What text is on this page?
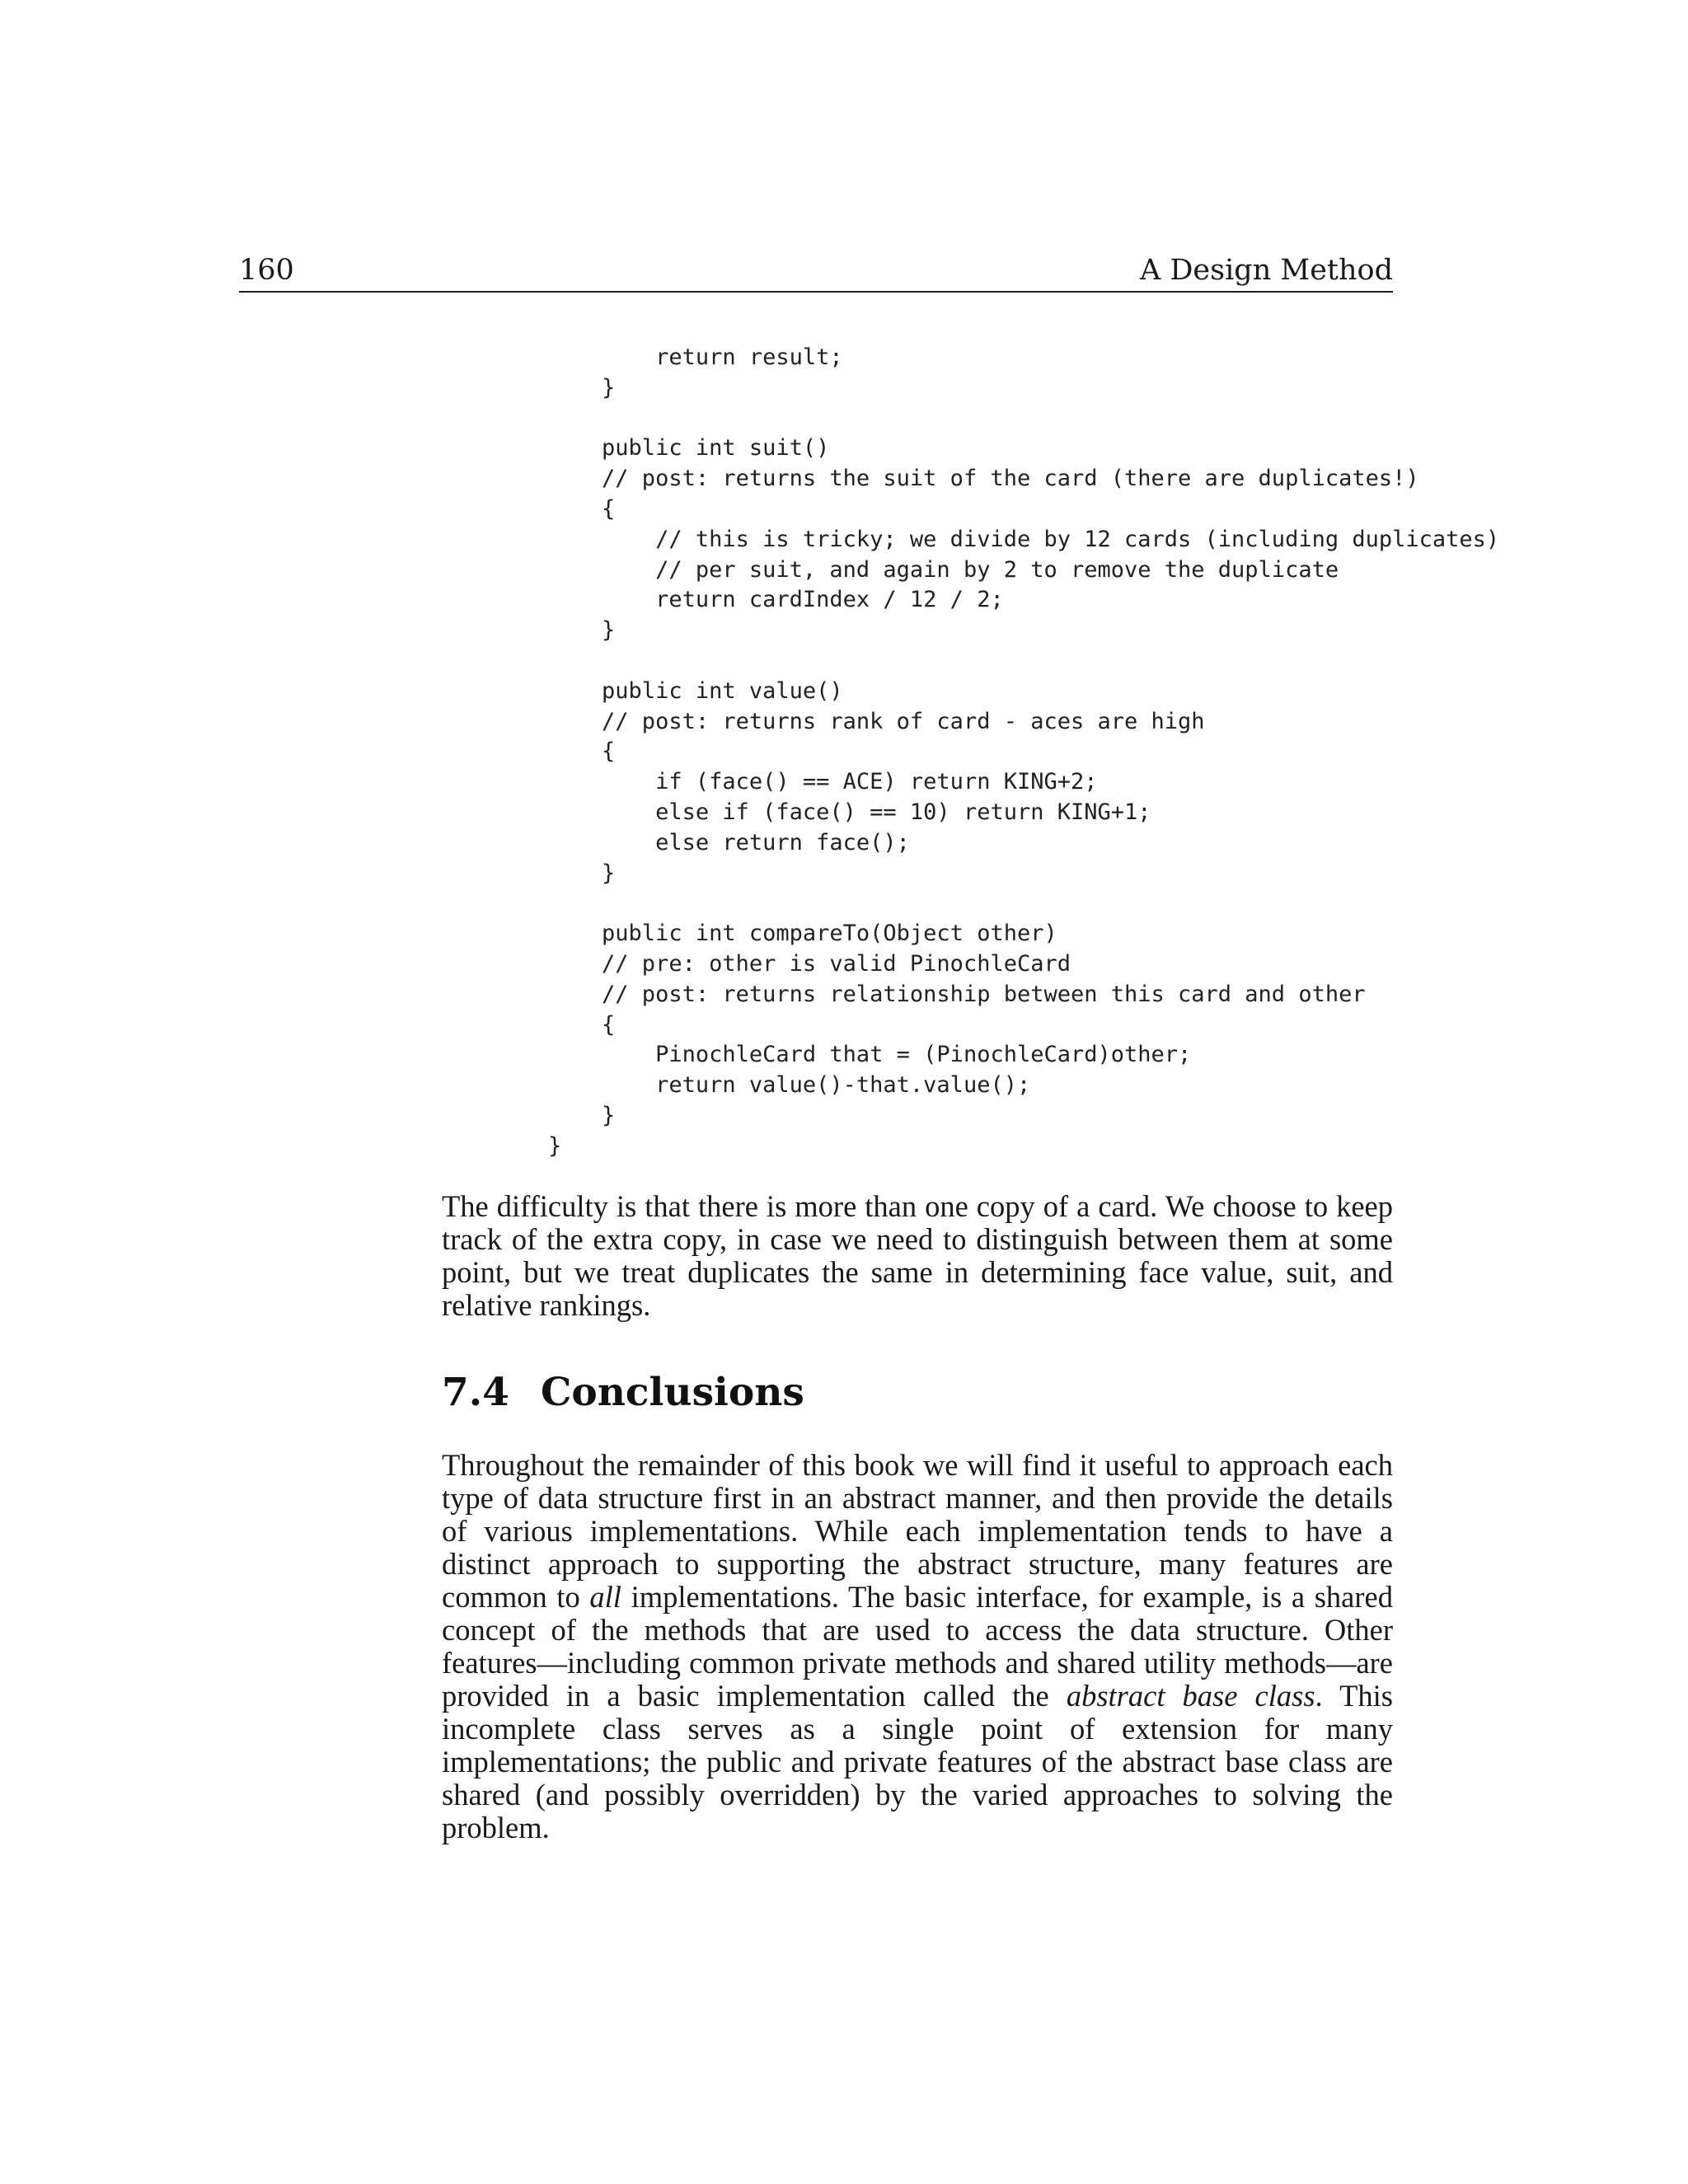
160	A Design Method
return result;
}

public int suit()
// post: returns the suit of the card (there are duplicates!)
{
// this is tricky; we divide by 12 cards (including duplicates)
// per suit, and again by 2 to remove the duplicate
return cardIndex / 12 / 2;
}

public int value()
// post: returns rank of card - aces are high
{
if (face() == ACE) return KING+2;
else if (face() == 10) return KING+1;
else return face();
}

public int compareTo(Object other)
// pre: other is valid PinochleCard
// post: returns relationship between this card and other
{
PinochleCard that = (PinochleCard)other;
return value()-that.value();
}
}

The difficulty is that there is more than one copy of a card. We choose to keep track of the extra copy, in case we need to distinguish between them at some point, but we treat duplicates the same in determining face value, suit, and relative rankings.

7.4 Conclusions

Throughout the remainder of this book we will find it useful to approach each type of data structure first in an abstract manner, and then provide the details of various implementations. While each implementation tends to have a distinct approach to supporting the abstract structure, many features are common to all implementations. The basic interface, for example, is a shared concept of the methods that are used to access the data structure. Other features—including common private methods and shared utility methods—are provided in a basic implementation called the abstract base class. This incomplete class serves as a single point of extension for many implementations; the public and private features of the abstract base class are shared (and possibly overridden) by the varied approaches to solving the problem.
